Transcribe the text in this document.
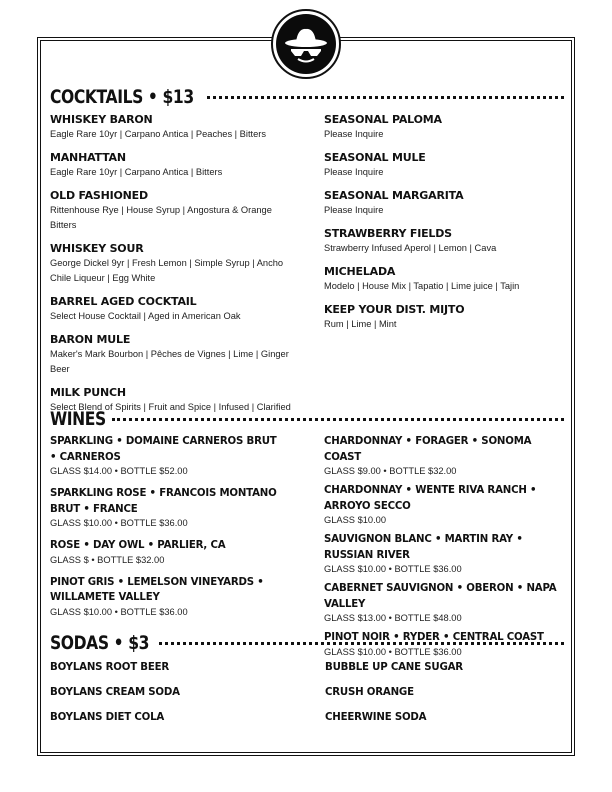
COCKTAILS • $13
WHISKEY BARON
Eagle Rare 10yr | Carpano Antica | Peaches | Bitters
MANHATTAN
Eagle Rare 10yr | Carpano Antica | Bitters
OLD FASHIONED
Rittenhouse Rye | House Syrup | Angostura & Orange Bitters
WHISKEY SOUR
George Dickel 9yr | Fresh Lemon | Simple Syrup | Ancho Chile Liqueur | Egg White
BARREL AGED COCKTAIL
Select House Cocktail | Aged in American Oak
BARON MULE
Maker's Mark Bourbon | Pêches de Vignes | Lime | Ginger Beer
MILK PUNCH
Select Blend of Spirits | Fruit and Spice | Infused | Clarified
SEASONAL PALOMA
Please Inquire
SEASONAL MULE
Please Inquire
SEASONAL MARGARITA
Please Inquire
STRAWBERRY FIELDS
Strawberry Infused Aperol | Lemon | Cava
MICHELADA
Modelo | House Mix | Tapatio | Lime juice | Tajin
KEEP YOUR DIST. MIJTO
Rum | Lime | Mint
WINES
SPARKLING • DOMAINE CARNEROS BRUT • CARNEROS
GLASS $14.00 • BOTTLE $52.00
SPARKLING ROSE • FRANCOIS MONTANO BRUT • FRANCE
GLASS $10.00 • BOTTLE $36.00
ROSE • DAY OWL • PARLIER, CA
GLASS $ • BOTTLE $32.00
PINOT GRIS • LEMELSON VINEYARDS • WILLAMETE VALLEY
GLASS $10.00 • BOTTLE $36.00
CHARDONNAY • FORAGER • SONOMA COAST
GLASS $9.00 • BOTTLE $32.00
CHARDONNAY • WENTE RIVA RANCH • ARROYO SECCO
GLASS $10.00
SAUVIGNON BLANC • MARTIN RAY • RUSSIAN RIVER
GLASS $10.00 • BOTTLE $36.00
CABERNET SAUVIGNON • OBERON • NAPA VALLEY
GLASS $13.00 • BOTTLE $48.00
PINOT NOIR • RYDER • CENTRAL COAST
GLASS $10.00 • BOTTLE $36.00
SODAS • $3
BOYLANS ROOT BEER
BOYLANS CREAM SODA
BOYLANS DIET COLA
BUBBLE UP CANE SUGAR
CRUSH ORANGE
CHEERWINE SODA
